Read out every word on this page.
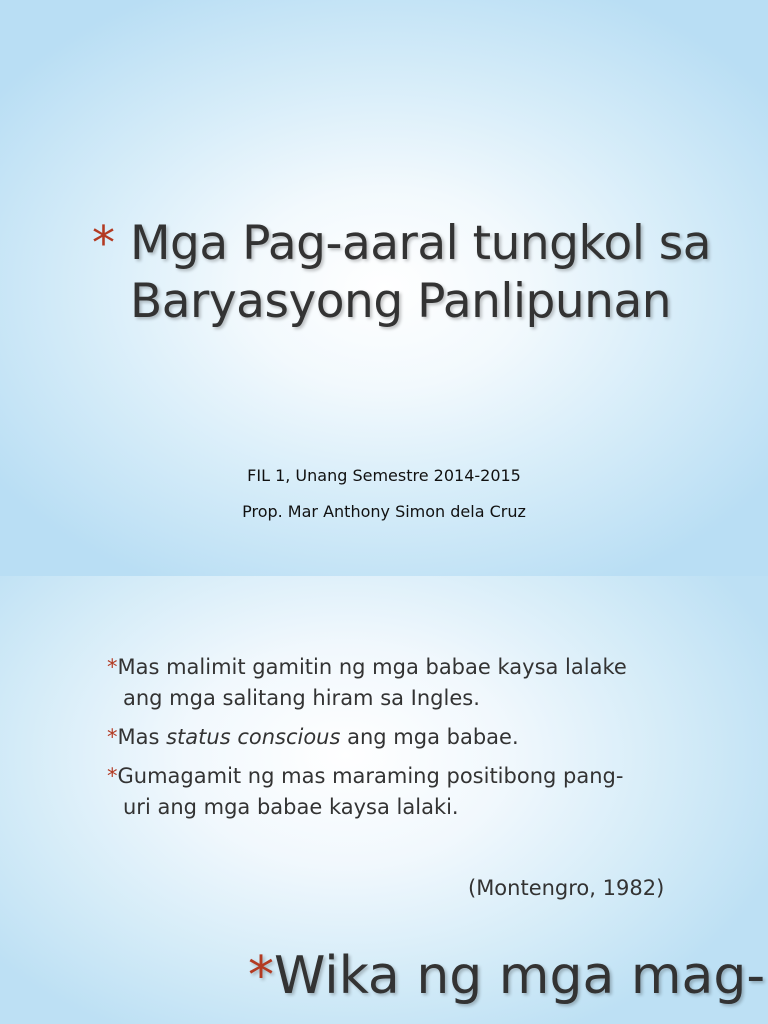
* Mga Pag-aaral tungkol sa
Baryasyong Panlipunan
FIL 1, Unang Semestre 2014-2015
Prop. Mar Anthony Simon dela Cruz
*Mas malimit gamitin ng mga babae kaysa lalake
ang mga salitang hiram sa Ingles.
*Mas status conscious ang mga babae.
*Gumagamit ng mas maraming positibong pang-
uri ang mga babae kaysa lalaki.
(Montengro, 1982)
*Wika ng mga mag-
